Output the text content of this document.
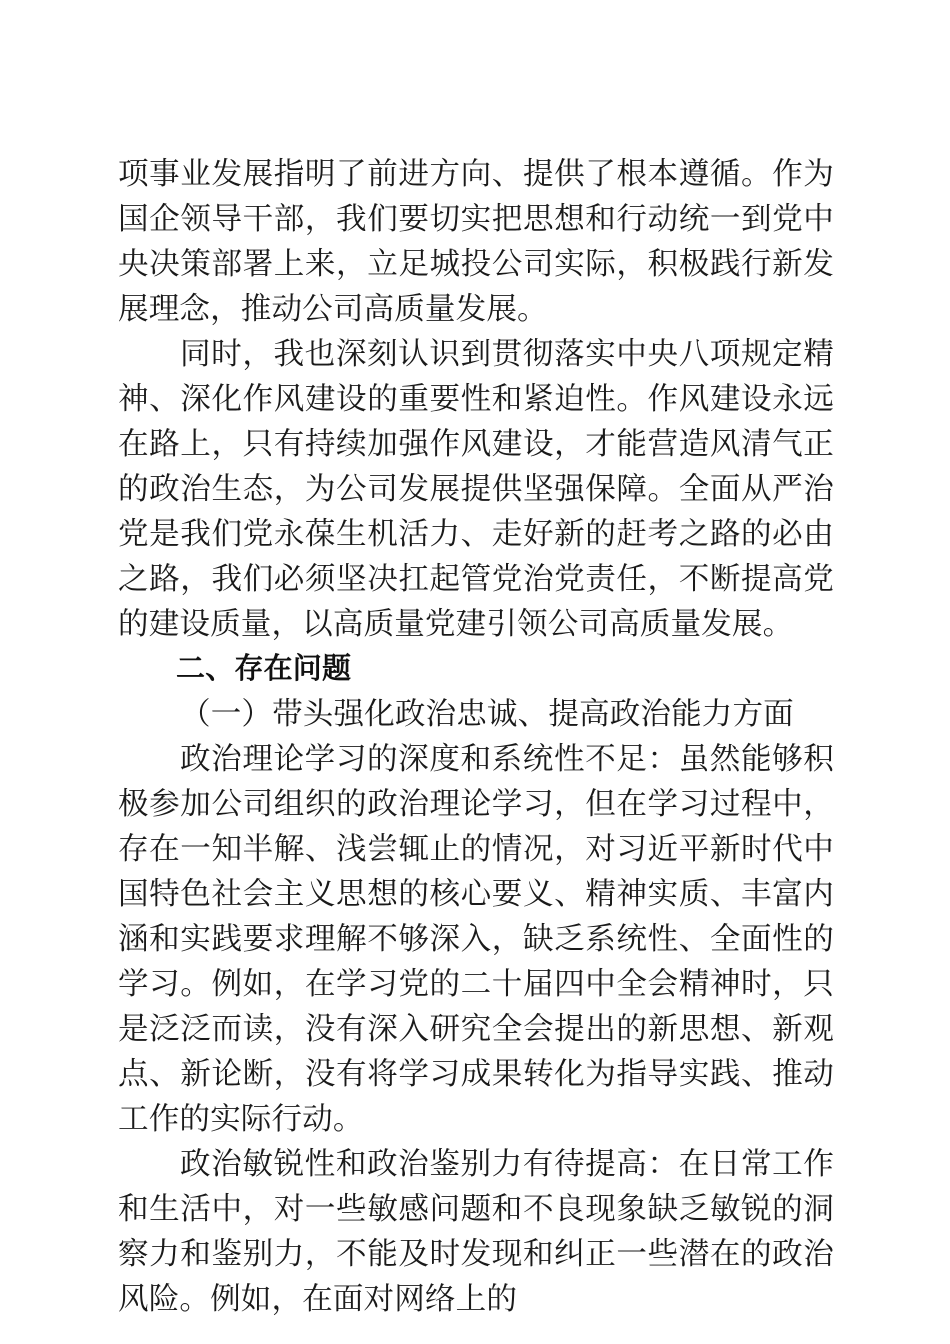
项事业发展指明了前进方向、提供了根本遵循。作为国企领导干部，我们要切实把思想和行动统一到党中央决策部署上来，立足城投公司实际，积极践行新发展理念，推动公司高质量发展。

同时，我也深刻认识到贯彻落实中央八项规定精神、深化作风建设的重要性和紧迫性。作风建设永远在路上，只有持续加强作风建设，才能营造风清气正的政治生态，为公司发展提供坚强保障。全面从严治党是我们党永葆生机活力、走好新的赶考之路的必由之路，我们必须坚决扛起管党治党责任，不断提高党的建设质量，以高质量党建引领公司高质量发展。

二、存在问题
（一）带头强化政治忠诚、提高政治能力方面

政治理论学习的深度和系统性不足：虽然能够积极参加公司组织的政治理论学习，但在学习过程中，存在一知半解、浅尝辄止的情况，对习近平新时代中国特色社会主义思想的核心要义、精神实质、丰富内涵和实践要求理解不够深入，缺乏系统性、全面性的学习。例如，在学习党的二十届四中全会精神时，只是泛泛而读，没有深入研究全会提出的新思想、新观点、新论断，没有将学习成果转化为指导实践、推动工作的实际行动。

政治敏锐性和政治鉴别力有待提高：在日常工作和生活中，对一些敏感问题和不良现象缺乏敏锐的洞察力和鉴别力，不能及时发现和纠正一些潜在的政治风险。例如，在面对网络上的
